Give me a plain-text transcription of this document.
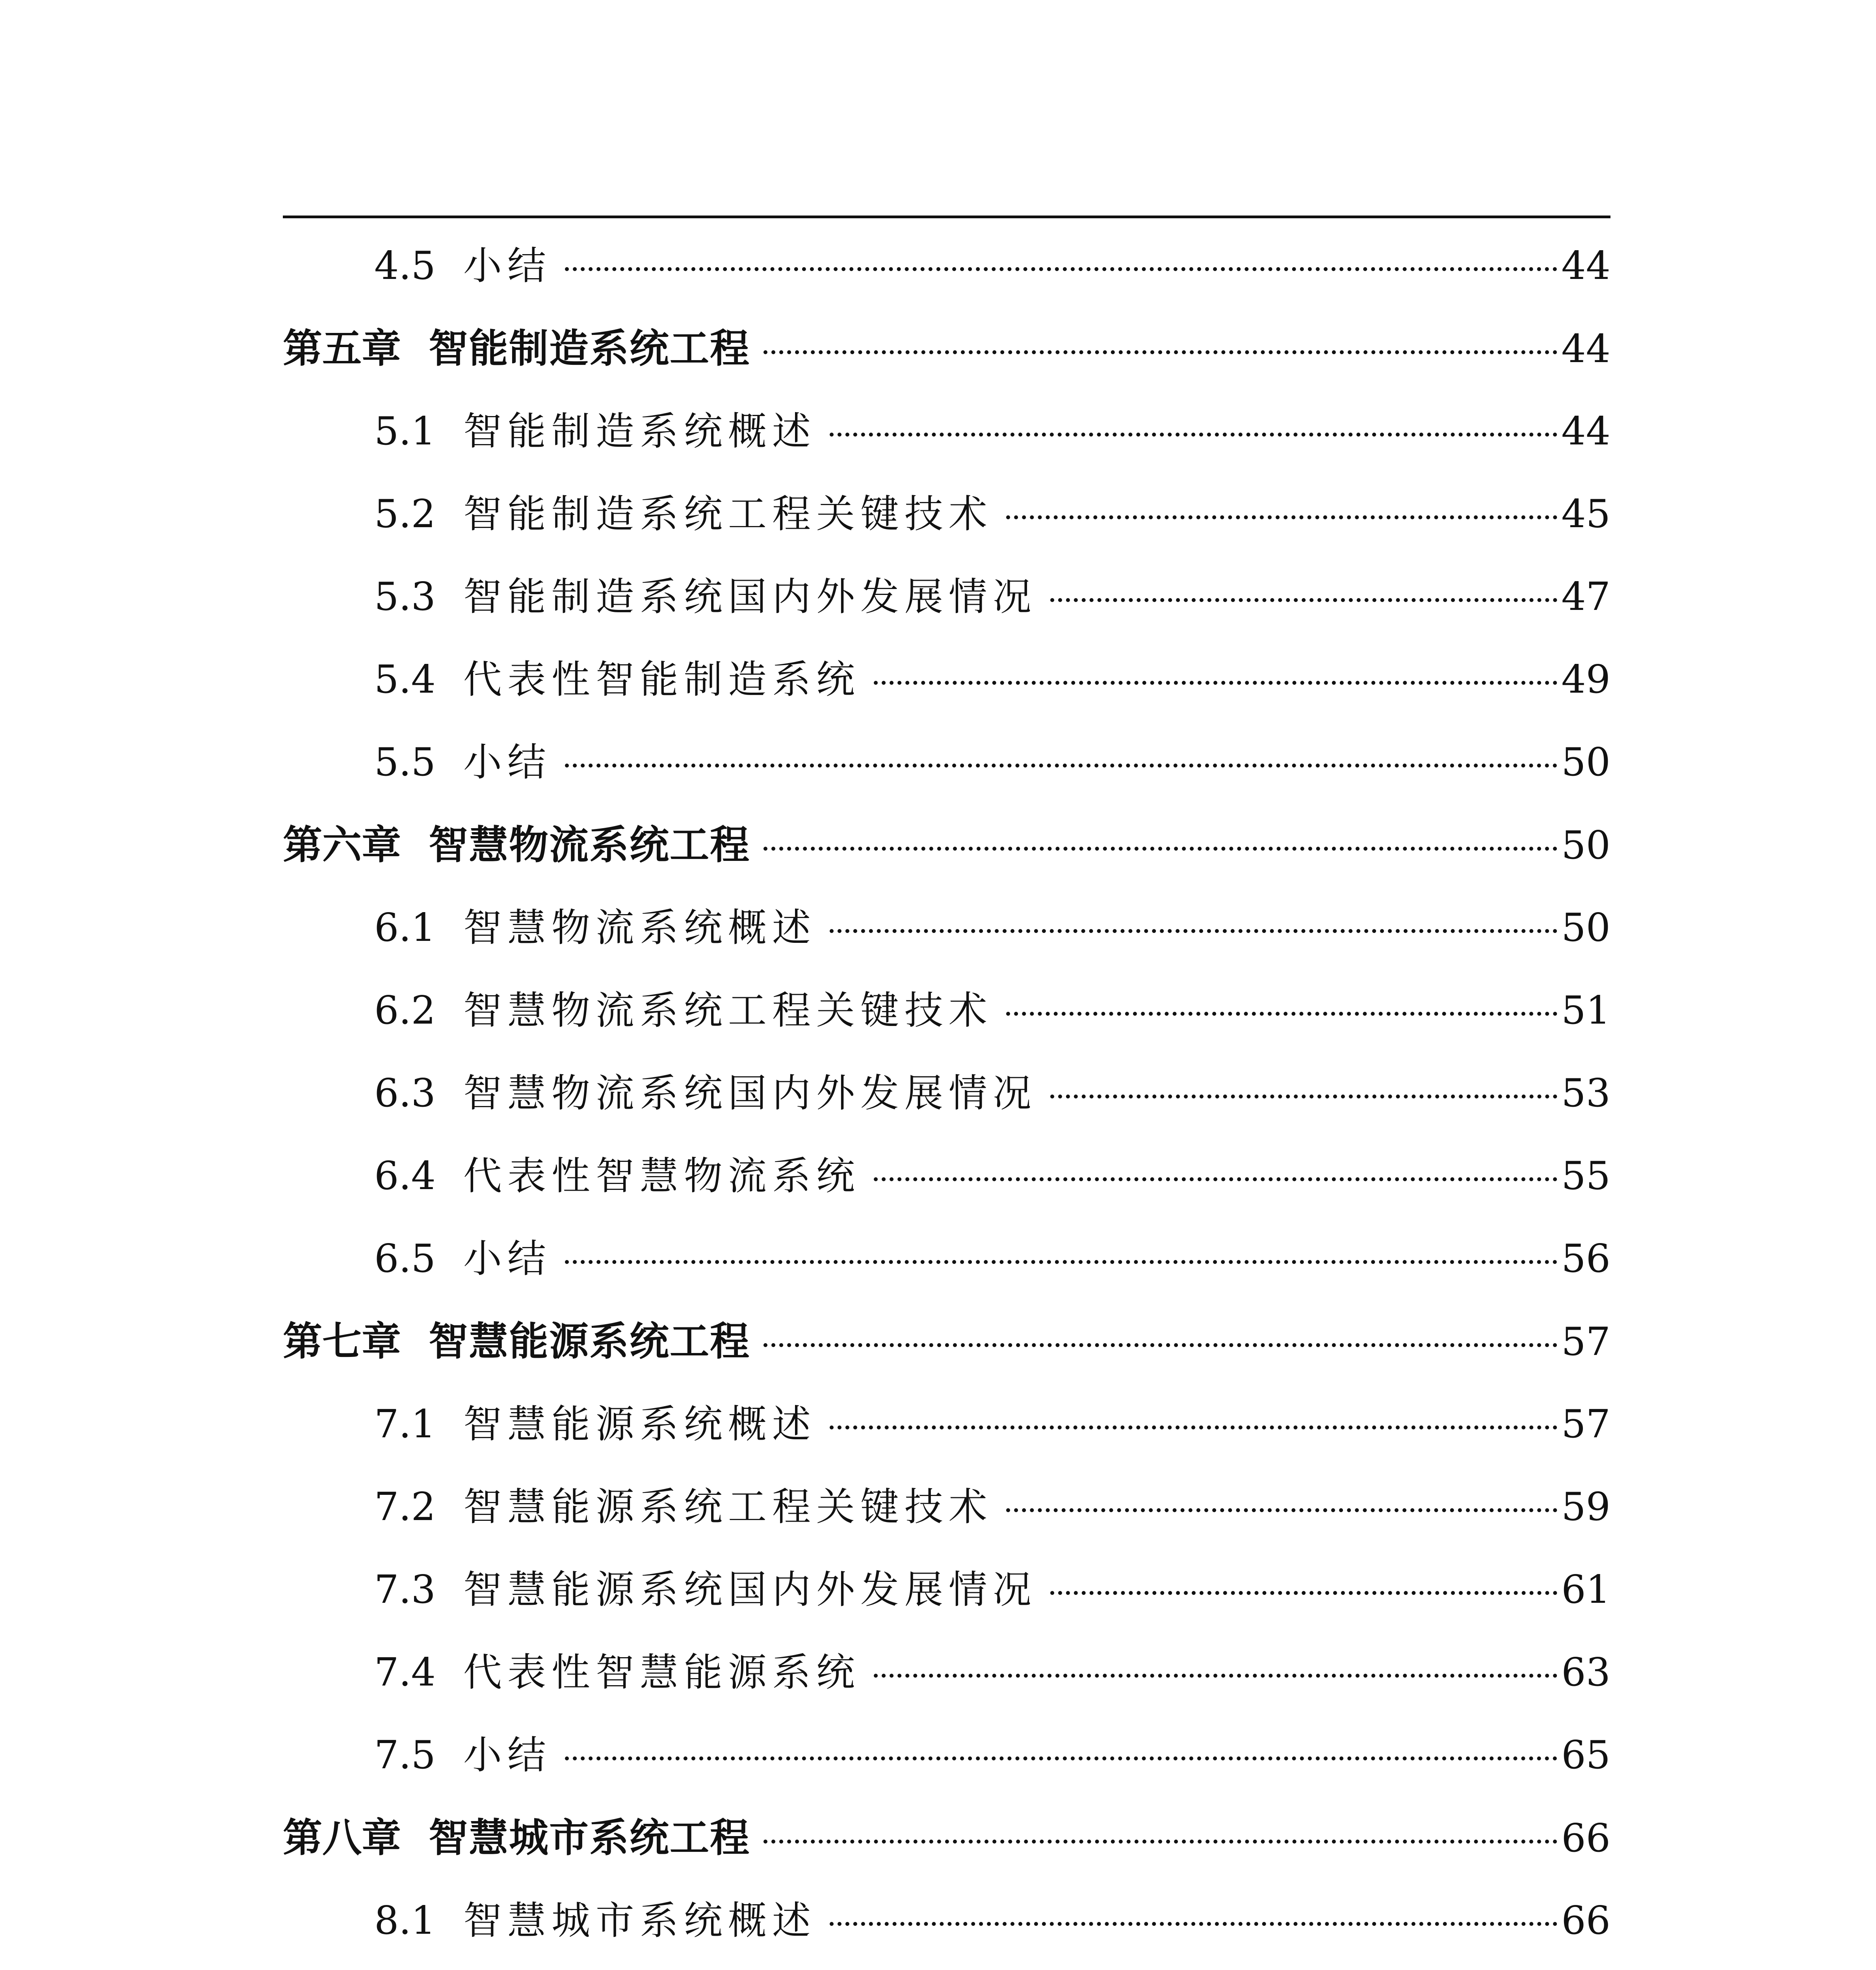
4.5 小结	44
第五章 智能制造系统工程	44
5.1 智能制造系统概述	44
5.2 智能制造系统工程关键技术	45
5.3 智能制造系统国内外发展情况	47
5.4 代表性智能制造系统	49
5.5 小结	50
第六章 智慧物流系统工程	50
6.1 智慧物流系统概述	50
6.2 智慧物流系统工程关键技术	51
6.3 智慧物流系统国内外发展情况	53
6.4 代表性智慧物流系统	55
6.5 小结	56
第七章 智慧能源系统工程	57
7.1 智慧能源系统概述	57
7.2 智慧能源系统工程关键技术	59
7.3 智慧能源系统国内外发展情况	61
7.4 代表性智慧能源系统	63
7.5 小结	65
第八章 智慧城市系统工程	66
8.1 智慧城市系统概述	66
